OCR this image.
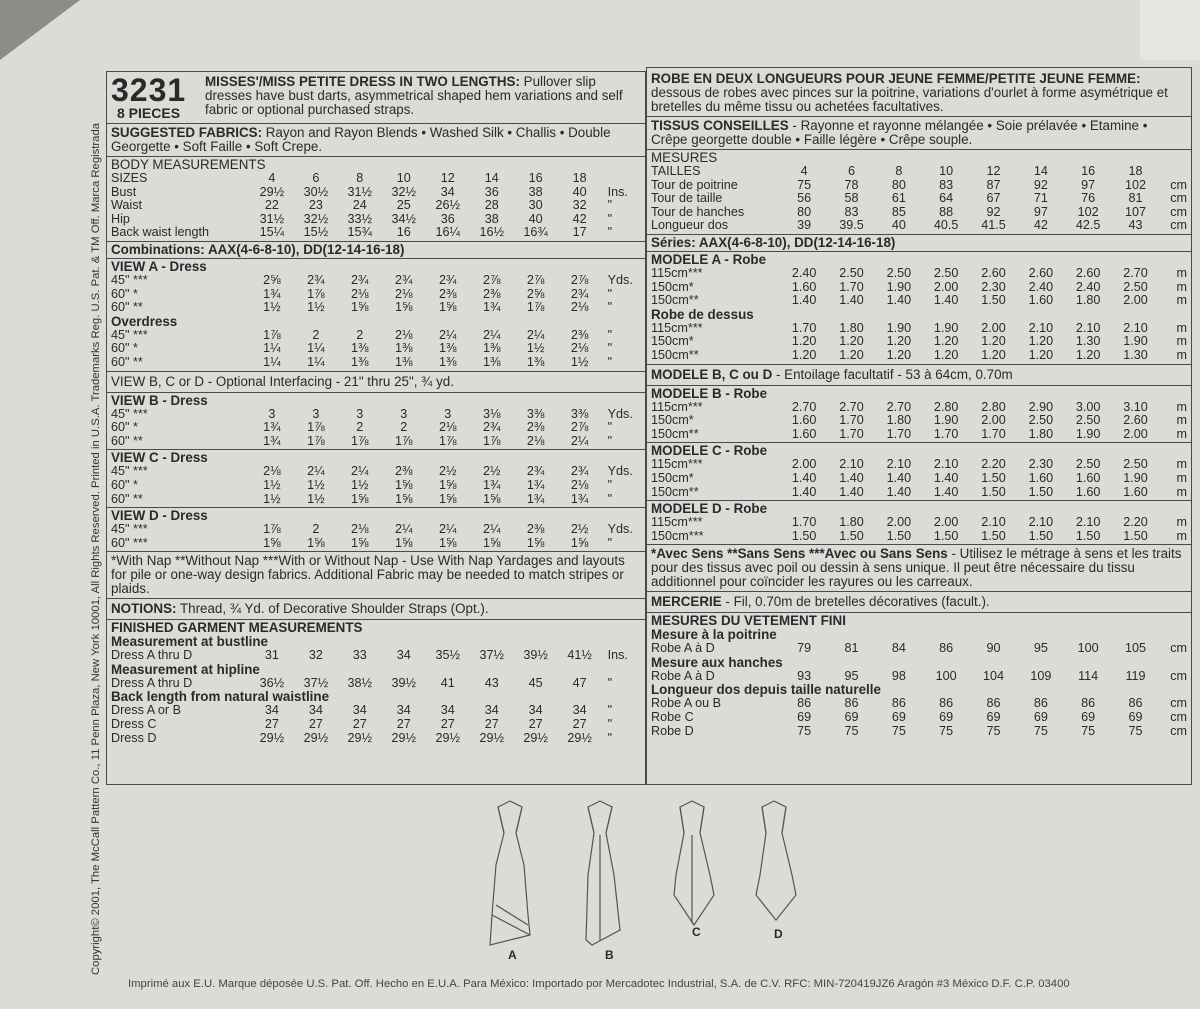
Copyright© 2001, The McCall Pattern Co., 11 Penn Plaza, New York 10001, All Rights Reserved. Printed in U.S.A. Trademarks Reg. U.S. Pat. & TM Off. Marca Registrada
3231
8 PIECES
MISSES'/MISS PETITE DRESS IN TWO LENGTHS: Pullover slip dresses have bust darts, asymmetrical shaped hem variations and self fabric or optional purchased straps.
SUGGESTED FABRICS: Rayon and Rayon Blends • Washed Silk • Challis • Double Georgette • Soft Faille • Soft Crepe.
BODY MEASUREMENTS
SIZES	4	6	8	10	12	14	16	18
Bust	29½	30½	31½	32½	34	36	38	40	Ins.
Waist	22	23	24	25	26½	28	30	32	"
Hip	31½	32½	33½	34½	36	38	40	42	"
Back waist length	15¼	15½	15¾	16	16¼	16½	16¾	17	"
Combinations: AAX(4-6-8-10), DD(12-14-16-18)
VIEW A - Dress
45" ***	2⅝	2¾	2¾	2¾	2¾	2⅞	2⅞	2⅞	Yds.
60" *	1¾	1⅞	2⅛	2⅛	2⅜	2⅜	2⅝	2¾	"
60" **	1½	1½	1⅝	1⅝	1⅝	1¾	1⅞	2⅛	"
Overdress
45" ***	1⅞	2	2	2⅛	2¼	2¼	2¼	2⅜	"
60" *	1¼	1¼	1⅜	1⅜	1⅜	1⅜	1½	2⅛	"
60" **	1¼	1¼	1⅜	1⅜	1⅜	1⅜	1⅜	1½	"
VIEW B, C or D - Optional Interfacing - 21" thru 25", ¾ yd.
VIEW B - Dress
45" ***	3	3	3	3	3	3⅛	3⅜	3⅜	Yds.
60" *	1¾	1⅞	2	2	2⅛	2¾	2⅜	2⅞	"
60" **	1¾	1⅞	1⅞	1⅞	1⅞	1⅞	2⅛	2¼	"
VIEW C - Dress
45" ***	2⅛	2¼	2¼	2⅜	2½	2½	2¾	2¾	Yds.
60" *	1½	1½	1½	1⅝	1⅝	1¾	1¾	2⅛	"
60" **	1½	1½	1⅝	1⅝	1⅝	1⅝	1¾	1¾	"
VIEW D - Dress
45" ***	1⅞	2	2⅛	2¼	2¼	2¼	2⅜	2½	Yds.
60" ***	1⅝	1⅝	1⅝	1⅝	1⅝	1⅝	1⅝	1⅝	"
*With Nap **Without Nap ***With or Without Nap - Use With Nap Yardages and layouts for pile or one-way design fabrics. Additional Fabric may be needed to match stripes or plaids.
NOTIONS: Thread, ¾ Yd. of Decorative Shoulder Straps (Opt.).
FINISHED GARMENT MEASUREMENTS
Measurement at bustline
Dress A thru D	31	32	33	34	35½	37½	39½	41½	Ins.
Measurement at hipline
Dress A thru D	36½	37½	38½	39½	41	43	45	47	"
Back length from natural waistline
Dress A or B	34	34	34	34	34	34	34	34	"
Dress C	27	27	27	27	27	27	27	27	"
Dress D	29½	29½	29½	29½	29½	29½	29½	29½	"
ROBE EN DEUX LONGUEURS POUR JEUNE FEMME/PETITE JEUNE FEMME: dessous de robes avec pinces sur la poitrine, variations d'ourlet à forme asymétrique et bretelles du même tissu ou achetées facultatives.
TISSUS CONSEILLES - Rayonne et rayonne mélangée • Soie prélavée • Etamine • Crêpe georgette double • Faille légère • Crêpe souple.
MESURES
TAILLES	4	6	8	10	12	14	16	18
Tour de poitrine	75	78	80	83	87	92	97	102	cm
Tour de taille	56	58	61	64	67	71	76	81	cm
Tour de hanches	80	83	85	88	92	97	102	107	cm
Longueur dos	39	39.5	40	40.5	41.5	42	42.5	43	cm
Séries: AAX(4-6-8-10), DD(12-14-16-18)
MODELE A - Robe
115cm***	2.40	2.50	2.50	2.50	2.60	2.60	2.60	2.70	m
150cm*	1.60	1.70	1.90	2.00	2.30	2.40	2.40	2.50	m
150cm**	1.40	1.40	1.40	1.40	1.50	1.60	1.80	2.00	m
Robe de dessus
115cm***	1.70	1.80	1.90	1.90	2.00	2.10	2.10	2.10	m
150cm*	1.20	1.20	1.20	1.20	1.20	1.20	1.30	1.90	m
150cm**	1.20	1.20	1.20	1.20	1.20	1.20	1.20	1.30	m
MODELE B, C ou D - Entoilage facultatif - 53 à 64cm, 0.70m
MODELE B - Robe
115cm***	2.70	2.70	2.70	2.80	2.80	2.90	3.00	3.10	m
150cm*	1.60	1.70	1.80	1.90	2.00	2.50	2.50	2.60	m
150cm**	1.60	1.70	1.70	1.70	1.70	1.80	1.90	2.00	m
MODELE C - Robe
115cm***	2.00	2.10	2.10	2.10	2.20	2.30	2.50	2.50	m
150cm*	1.40	1.40	1.40	1.40	1.50	1.60	1.60	1.90	m
150cm**	1.40	1.40	1.40	1.40	1.50	1.50	1.60	1.60	m
MODELE D - Robe
115cm***	1.70	1.80	2.00	2.00	2.10	2.10	2.10	2.20	m
150cm***	1.50	1.50	1.50	1.50	1.50	1.50	1.50	1.50	m
*Avec Sens **Sans Sens ***Avec ou Sans Sens - Utilisez le métrage à sens et les traits pour des tissus avec poil ou dessin à sens unique. Il peut être nécessaire du tissu additionnel pour coïncider les rayures ou les carreaux.
MERCERIE - Fil, 0.70m de bretelles décoratives (facult.).
MESURES DU VETEMENT FINI
Mesure à la poitrine
Robe A à D	79	81	84	86	90	95	100	105	cm
Mesure aux hanches
Robe A à D	93	95	98	100	104	109	114	119	cm
Longueur dos depuis taille naturelle
Robe A ou B	86	86	86	86	86	86	86	86	cm
Robe C	69	69	69	69	69	69	69	69	cm
Robe D	75	75	75	75	75	75	75	75	cm
A	B
C	D
Imprimé aux E.U. Marque déposée U.S. Pat. Off. Hecho en E.U.A. Para México: Importado por Mercadotec Industrial, S.A. de C.V. RFC: MIN-720419JZ6 Aragón #3 México D.F. C.P. 03400
